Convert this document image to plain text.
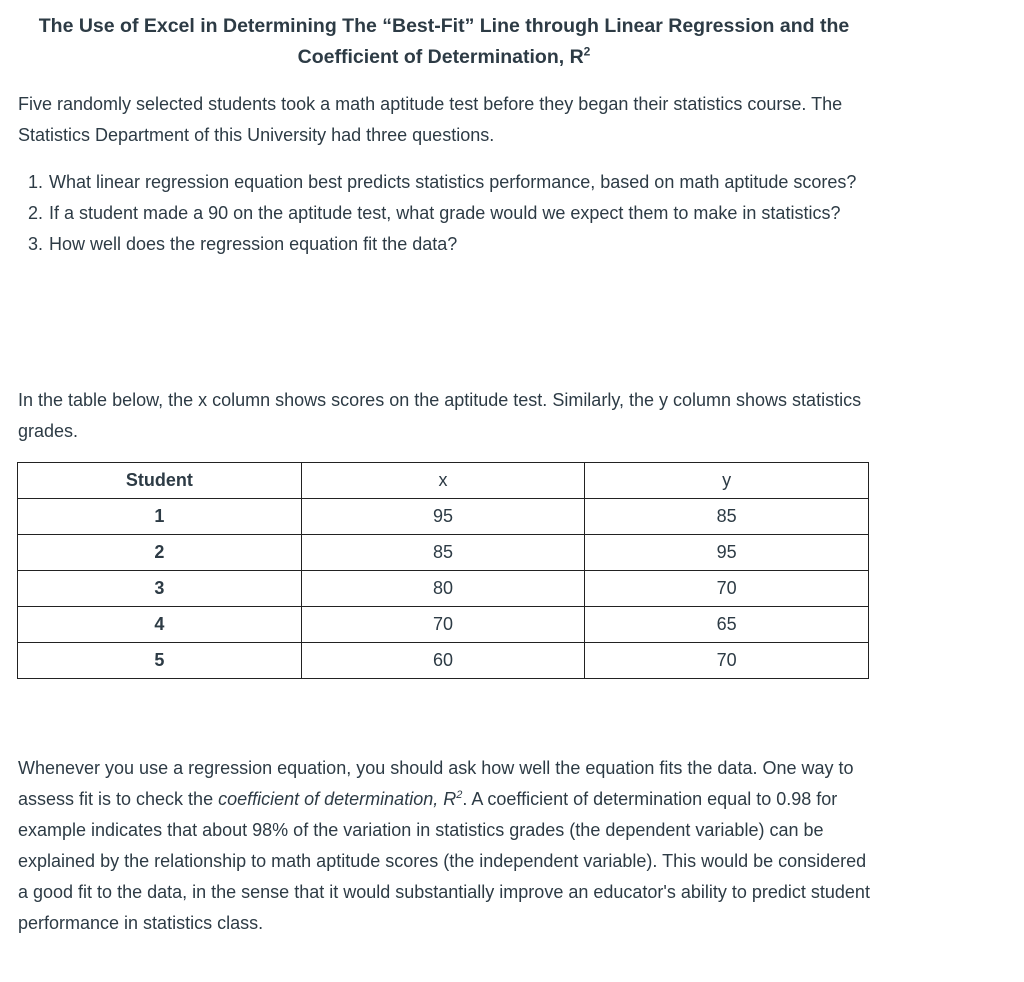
The Use of Excel in Determining The “Best-Fit” Line through Linear Regression and the
Coefficient of Determination, $R^2$

Five randomly selected students took a math aptitude test before they began their statistics course. The Statistics Department of this University had three questions.

1. What linear regression equation best predicts statistics performance, based on math aptitude scores?
2. If a student made a 90 on the aptitude test, what grade would we expect them to make in statistics?
3. How well does the regression equation fit the data?

In the table below, the x column shows scores on the aptitude test. Similarly, the y column shows statistics grades.

Student	x	y
1	95	85
2	85	95
3	80	70
4	70	65
5	60	70

Whenever you use a regression equation, you should ask how well the equation fits the data. One way to assess fit is to check the coefficient of determination, $R^2$. A coefficient of determination equal to 0.98 for example indicates that about 98% of the variation in statistics grades (the dependent variable) can be explained by the relationship to math aptitude scores (the independent variable). This would be considered a good fit to the data, in the sense that it would substantially improve an educator's ability to predict student performance in statistics class.
